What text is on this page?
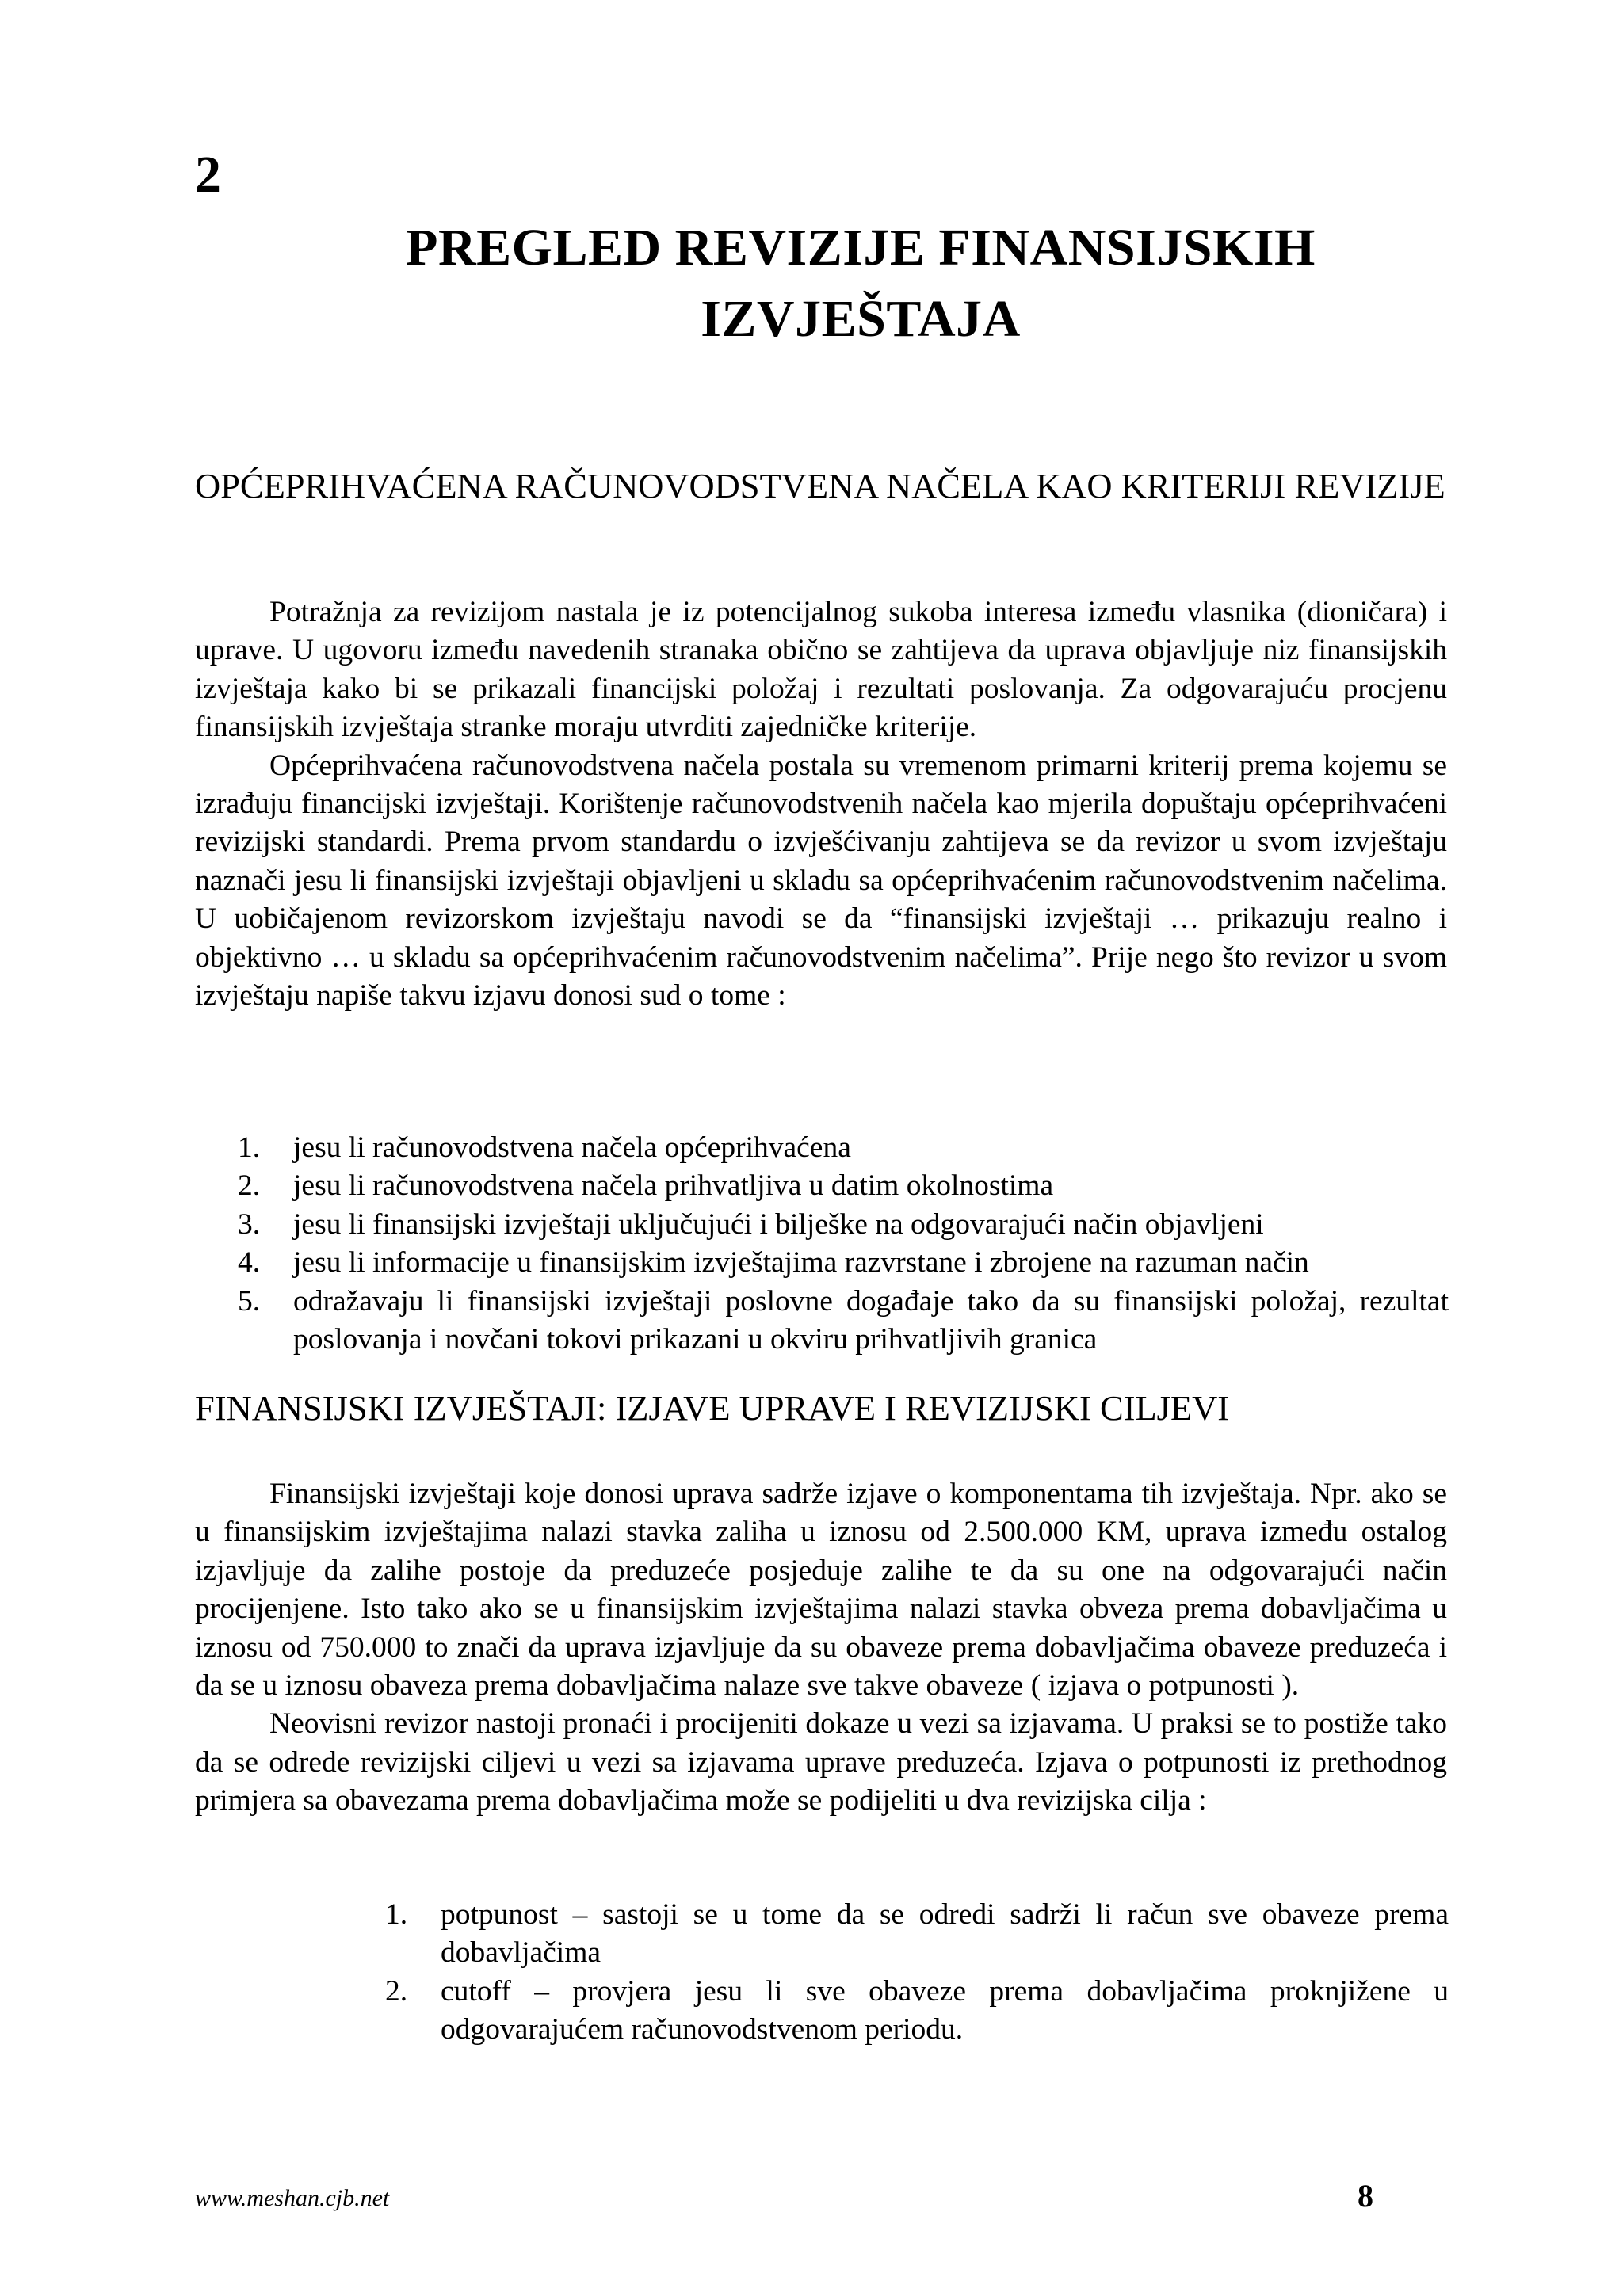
2
PREGLED REVIZIJE FINANSIJSKIH
IZVJEŠTAJA
OPĆEPRIHVAĆENA RAČUNOVODSTVENA NAČELA KAO KRITERIJI REVIZIJE

Potražnja za revizijom nastala je iz potencijalnog sukoba interesa između vlasnika (dioničara) i uprave. U ugovoru između navedenih stranaka obično se zahtijeva da uprava objavljuje niz finansijskih izvještaja kako bi se prikazali financijski položaj i rezultati poslovanja. Za odgovarajuću procjenu finansijskih izvještaja stranke moraju utvrditi zajedničke kriterije.

Općeprihvaćena računovodstvena načela postala su vremenom primarni kriterij prema kojemu se izrađuju financijski izvještaji. Korištenje računovodstvenih načela kao mjerila dopuštaju općeprihvaćeni revizijski standardi. Prema prvom standardu o izvješćivanju zahtijeva se da revizor u svom izvještaju naznači jesu li finansijski izvještaji objavljeni u skladu sa općeprihvaćenim računovodstvenim načelima. U uobičajenom revizorskom izvještaju navodi se da “finansijski izvještaji … prikazuju realno i objektivno … u skladu sa općeprihvaćenim računovodstvenim načelima”. Prije nego što revizor u svom izvještaju napiše takvu izjavu donosi sud o tome :

1. jesu li računovodstvena načela općeprihvaćena
2. jesu li računovodstvena načela prihvatljiva u datim okolnostima
3. jesu li finansijski izvještaji uključujući i bilješke na odgovarajući način objavljeni
4. jesu li informacije u finansijskim izvještajima razvrstane i zbrojene na razuman način
5. odražavaju li finansijski izvještaji poslovne događaje tako da su finansijski položaj, rezultat poslovanja i novčani tokovi prikazani u okviru prihvatljivih granica
FINANSIJSKI IZVJEŠTAJI: IZJAVE UPRAVE I REVIZIJSKI CILJEVI

Finansijski izvještaji koje donosi uprava sadrže izjave o komponentama tih izvještaja. Npr. ako se u finansijskim izvještajima nalazi stavka zaliha u iznosu od 2.500.000 KM, uprava između ostalog izjavljuje da zalihe postoje da preduzeće posjeduje zalihe te da su one na odgovarajući način procijenjene. Isto tako ako se u finansijskim izvještajima nalazi stavka obveza prema dobavljačima u iznosu od 750.000 to znači da uprava izjavljuje da su obaveze prema dobavljačima obaveze preduzeća i da se u iznosu obaveza prema dobavljačima nalaze sve takve obaveze ( izjava o potpunosti ).

Neovisni revizor nastoji pronaći i procijeniti dokaze u vezi sa izjavama. U praksi se to postiže tako da se odrede revizijski ciljevi u vezi sa izjavama uprave preduzeća. Izjava o potpunosti iz prethodnog primjera sa obavezama prema dobavljačima može se podijeliti u dva revizijska cilja :

1. potpunost – sastoji se u tome da se odredi sadrži li račun sve obaveze prema dobavljačima
2. cutoff – provjera jesu li sve obaveze prema dobavljačima proknjižene u odgovarajućem računovodstvenom periodu.
www.meshan.cjb.net	8
